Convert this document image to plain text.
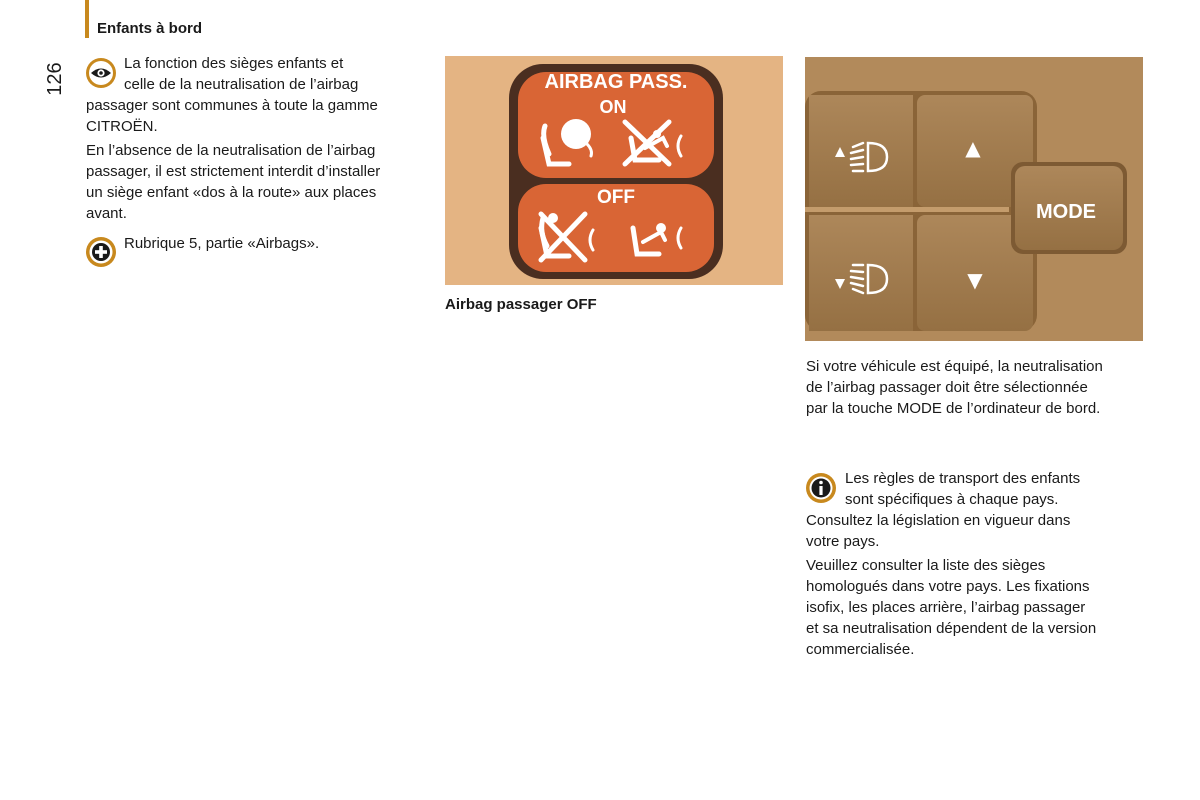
Enfants à bord
126	La fonction des sièges enfants et

celle de la neutralisation de l’airbag

passager sont communes à toute la gamme

CITROËN.

En l’absence de la neutralisation de l’airbag

passager, il est strictement interdit d’installer

un siège enfant «dos à la route» aux places

avant.

Rubrique 5, partie «Airbags».

AIRBAG PASS.
ON
OFF
Airbag passager OFF
MODE
▲
▼

Si votre véhicule est équipé, la neutralisation

de l’airbag passager doit être sélectionnée

par la touche MODE de l’ordinateur de bord.

Les règles de transport des enfants

sont spécifiques à chaque pays.

Consultez la législation en vigueur dans

votre pays.

Veuillez consulter la liste des sièges

homologués dans votre pays. Les fixations

isofix, les places arrière, l’airbag passager

et sa neutralisation dépendent de la version

commercialisée.
